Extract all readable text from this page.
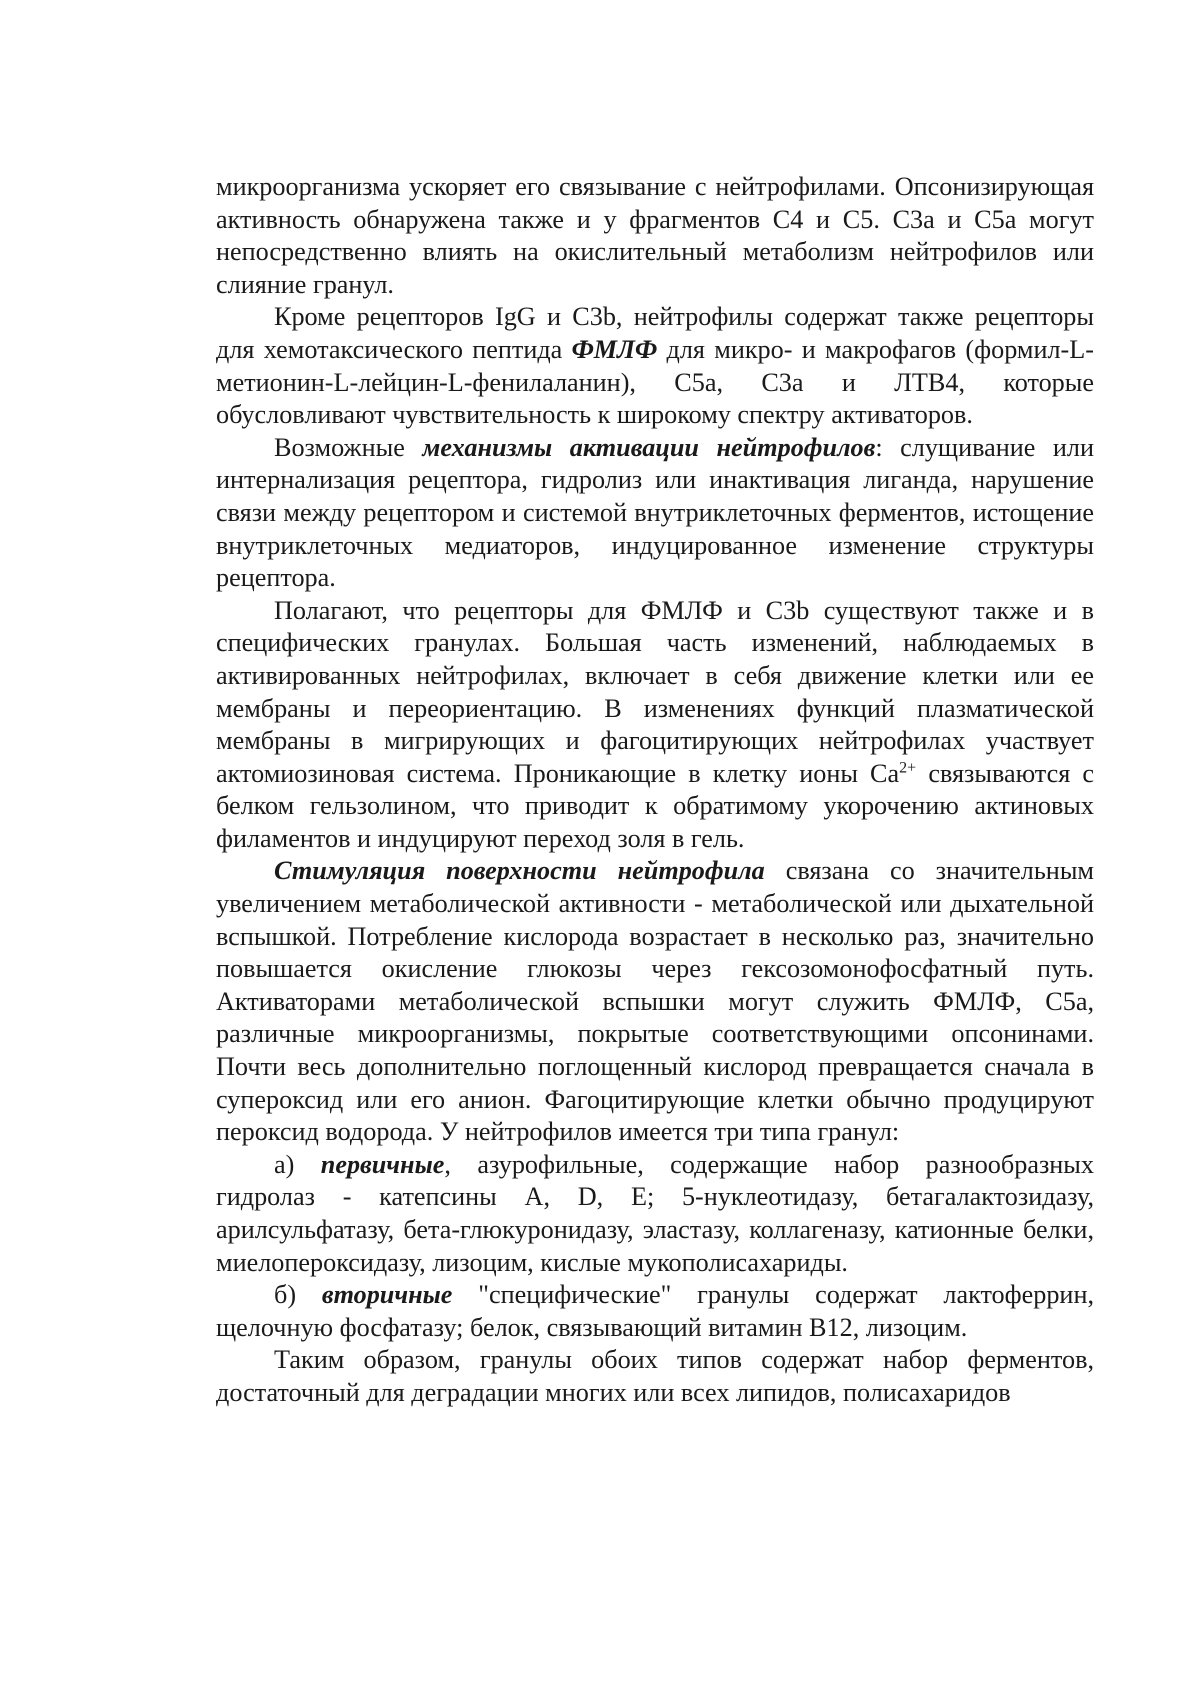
микроорганизма ускоряет его связывание с нейтрофилами. Опсонизирующая активность обнаружена также и у фрагментов С4 и С5. С3а и С5а могут непосредственно влиять на окислительный метаболизм нейтрофилов или слияние гранул.

Кроме рецепторов IgG и C3b, нейтрофилы содержат также рецепторы для хемотаксического пептида ФМЛФ для микро- и макрофагов (формил-L-метионин-L-лейцин-L-фенилаланин), С5а, С3а и ЛТВ4, которые обусловливают чувствительность к широкому спектру активаторов.

Возможные механизмы активации нейтрофилов: слущивание или интернализация рецептора, гидролиз или инактивация лиганда, нарушение связи между рецептором и системой внутриклеточных ферментов, истощение внутриклеточных медиаторов, индуцированное изменение структуры рецептора.

Полагают, что рецепторы для ФМЛФ и C3b существуют также и в специфических гранулах. Большая часть изменений, наблюдаемых в активированных нейтрофилах, включает в себя движение клетки или ее мембраны и переориентацию. В изменениях функций плазматической мембраны в мигрирующих и фагоцитирующих нейтрофилах участвует актомиозиновая система. Проникающие в клетку ионы $Са^{2+}$ связываются с белком гельзолином, что приводит к обратимому укорочению актиновых филаментов и индуцируют переход золя в гель.

Стимуляция поверхности нейтрофила связана со значительным увеличением метаболической активности - метаболической или дыхательной вспышкой. Потребление кислорода возрастает в несколько раз, значительно повышается окисление глюкозы через гексозомонофосфатный путь. Активаторами метаболической вспышки могут служить ФМЛФ, С5а, различные микроорганизмы, покрытые соответствующими опсонинами. Почти весь дополнительно поглощенный кислород превращается сначала в супероксид или его анион. Фагоцитирующие клетки обычно продуцируют пероксид водорода. У нейтрофилов имеется три типа гранул:

а) первичные, азурофильные, содержащие набор разнообразных гидролаз - катепсины A, D, E; 5-нуклеотидазу, бетагалактозидазу, арилсульфатазу, бета-глюкуронидазу, эластазу, коллагеназу, катионные белки, миелопероксидазу, лизоцим, кислые мукополисахариды.

б) вторичные "специфические" гранулы содержат лактоферрин, щелочную фосфатазу; белок, связывающий витамин В12, лизоцим.

Таким образом, гранулы обоих типов содержат набор ферментов, достаточный для деградации многих или всех липидов, полисахаридов
